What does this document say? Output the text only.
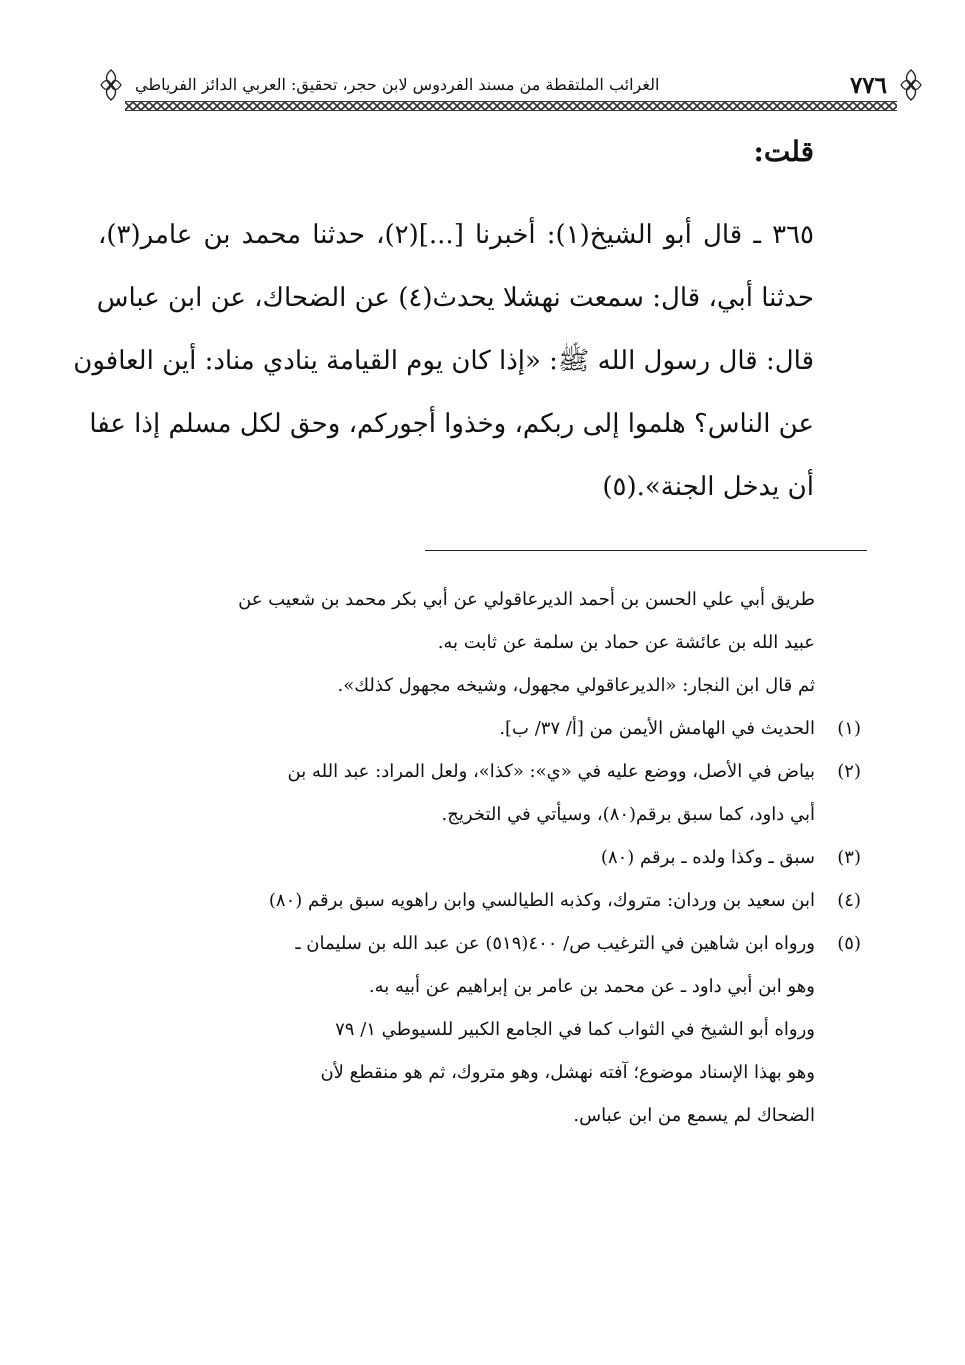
الغرائب الملتقطة من مسند الفردوس لابن حجر، تحقيق: العربي الدائز الفرياطي	٧٧٦
قلت:
٣٦٥ ـ قال أبو الشيخ(١): أخبرنا [...](٢)، حدثنا محمد بن عامر(٣)،
حدثنا أبي، قال: سمعت نهشلا يحدث(٤) عن الضحاك، عن ابن عباس
قال: قال رسول الله ﷺ: «إذا كان يوم القيامة ينادي مناد: أين العافون
عن الناس؟ هلموا إلى ربكم، وخذوا أجوركم، وحق لكل مسلم إذا عفا
أن يدخل الجنة».(٥)
طريق أبي علي الحسن بن أحمد الديرعاقولي عن أبي بكر محمد بن شعيب عن
عبيد الله بن عائشة عن حماد بن سلمة عن ثابت به.
ثم قال ابن النجار: «الديرعاقولي مجهول، وشيخه مجهول كذلك».
(١)
الحديث في الهامش الأيمن من [أ/ ٣٧/ ب].
(٢)
بياض في الأصل، ووضع عليه في «ي»: «كذا»، ولعل المراد: عبد الله بن
أبي داود، كما سبق برقم(٨٠)، وسيأتي في التخريج.
(٣)
سبق ـ وكذا ولده ـ برقم (٨٠)
(٤)
ابن سعيد بن وردان: متروك، وكذبه الطيالسي وابن راهويه سبق برقم (٨٠)
(٥)
ورواه ابن شاهين في الترغيب ص/ ٤٠٠(٥١٩) عن عبد الله بن سليمان ـ
وهو ابن أبي داود ـ عن محمد بن عامر بن إبراهيم عن أبيه به.
ورواه أبو الشيخ في الثواب كما في الجامع الكبير للسيوطي ١/ ٧٩
وهو بهذا الإسناد موضوع؛ آفته نهشل، وهو متروك، ثم هو منقطع لأن
الضحاك لم يسمع من ابن عباس.
